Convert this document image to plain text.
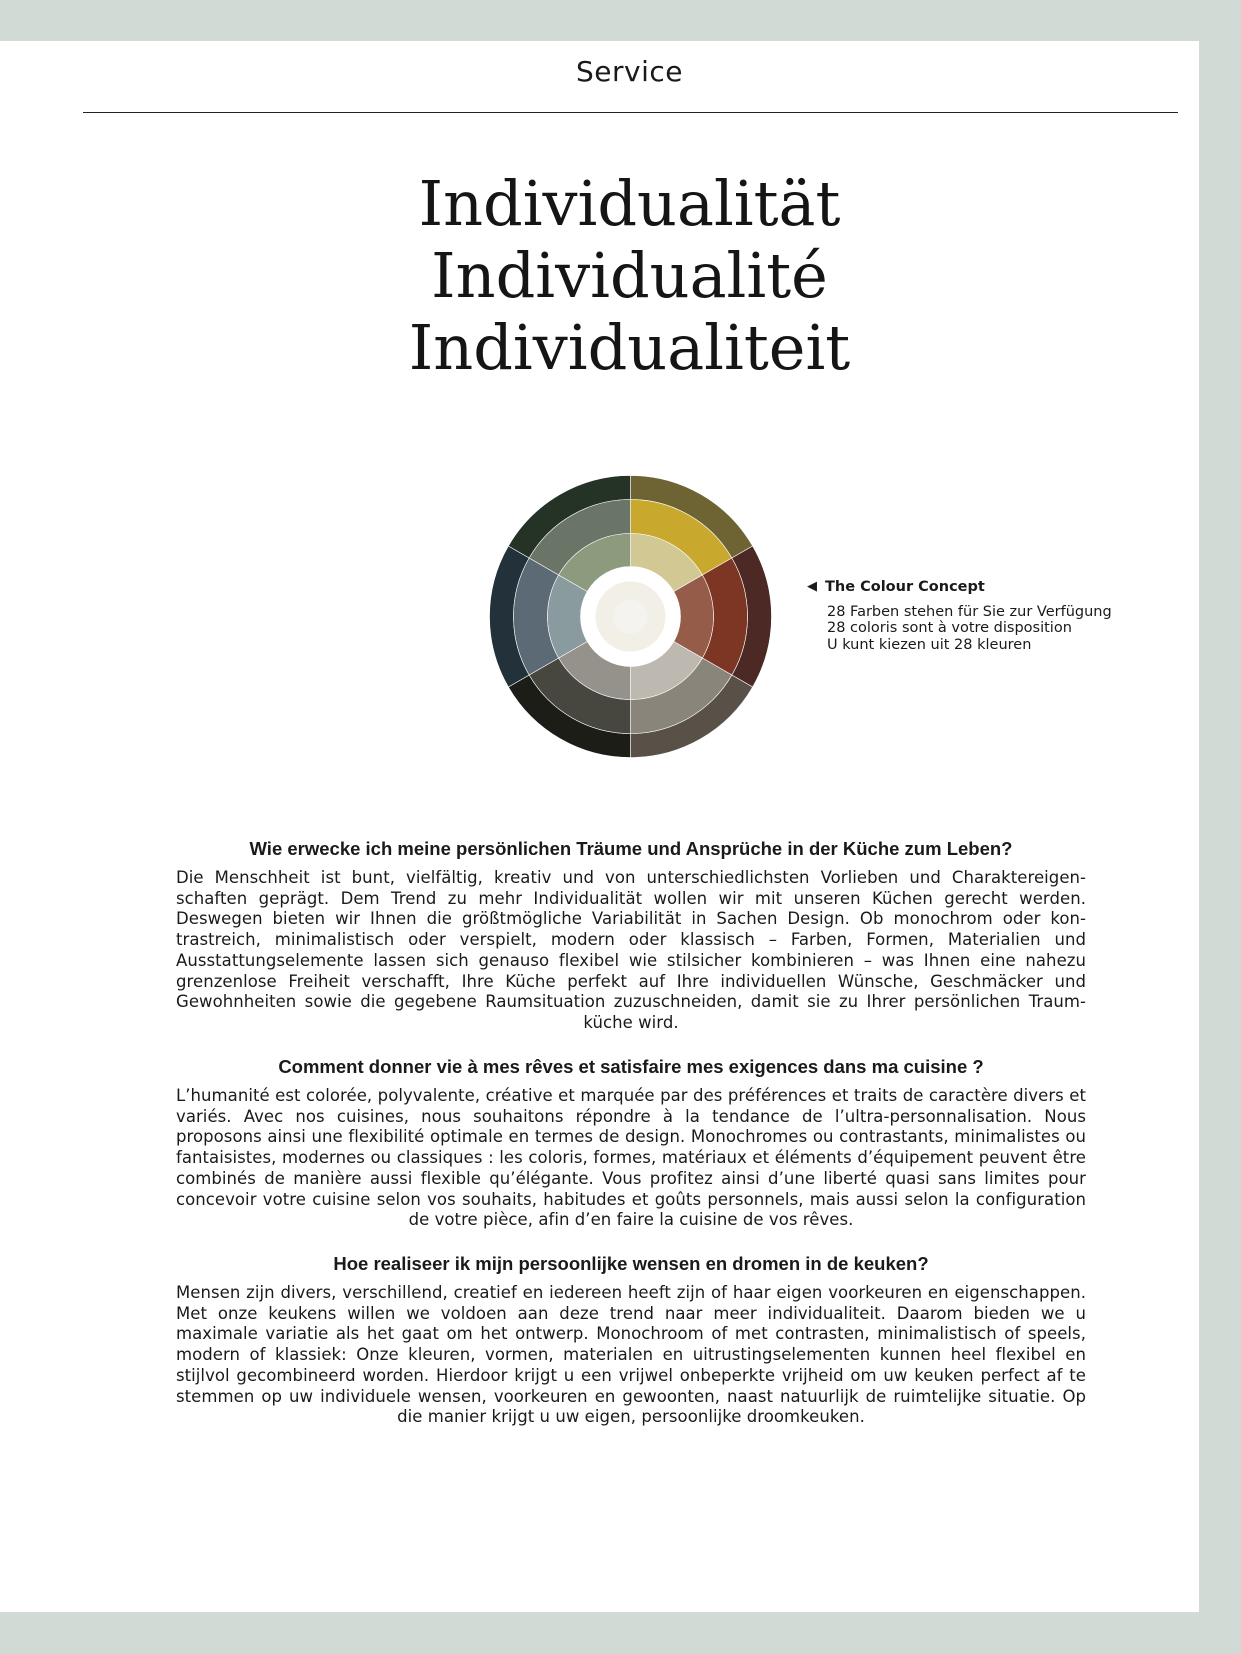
Service
Individualität
Individualité
Individualiteit
◀ The Colour Concept
28 Farben stehen für Sie zur Verfügung
28 coloris sont à votre disposition
U kunt kiezen uit 28 kleuren
Wie erwecke ich meine persönlichen Träume und Ansprüche in der Küche zum Leben?

Die Menschheit ist bunt, vielfältig, kreativ und von unterschiedlichsten Vorlieben und Charaktereigenschaften geprägt. Dem Trend zu mehr Individualität wollen wir mit unseren Küchen gerecht werden. Deswegen bieten wir Ihnen die größtmögliche Variabilität in Sachen Design. Ob monochrom oder kontrastreich, minimalistisch oder verspielt, modern oder klassisch – Farben, Formen, Materialien und Ausstattungselemente lassen sich genauso flexibel wie stilsicher kombinieren – was Ihnen eine nahezu grenzenlose Freiheit verschafft, Ihre Küche perfekt auf Ihre individuellen Wünsche, Geschmäcker und Gewohnheiten sowie die gegebene Raumsituation zuzuschneiden, damit sie zu Ihrer persönlichen Traumküche wird.

Comment donner vie à mes rêves et satisfaire mes exigences dans ma cuisine ?

L’humanité est colorée, polyvalente, créative et marquée par des préférences et traits de caractère divers et variés. Avec nos cuisines, nous souhaitons répondre à la tendance de l’ultra-personnalisation. Nous proposons ainsi une flexibilité optimale en termes de design. Monochromes ou contrastants, minimalistes ou fantaisistes, modernes ou classiques : les coloris, formes, matériaux et éléments d’équipement peuvent être combinés de manière aussi flexible qu’élégante. Vous profitez ainsi d’une liberté quasi sans limites pour concevoir votre cuisine selon vos souhaits, habitudes et goûts personnels, mais aussi selon la configuration de votre pièce, afin d’en faire la cuisine de vos rêves.

Hoe realiseer ik mijn persoonlijke wensen en dromen in de keuken?

Mensen zijn divers, verschillend, creatief en iedereen heeft zijn of haar eigen voorkeuren en eigenschappen. Met onze keukens willen we voldoen aan deze trend naar meer individualiteit. Daarom bieden we u maximale variatie als het gaat om het ontwerp. Monochroom of met contrasten, minimalistisch of speels, modern of klassiek: Onze kleuren, vormen, materialen en uitrustingselementen kunnen heel flexibel en stijlvol gecombineerd worden. Hierdoor krijgt u een vrijwel onbeperkte vrijheid om uw keuken perfect af te stemmen op uw individuele wensen, voorkeuren en gewoonten, naast natuurlijk de ruimtelijke situatie. Op die manier krijgt u uw eigen, persoonlijke droomkeuken.
